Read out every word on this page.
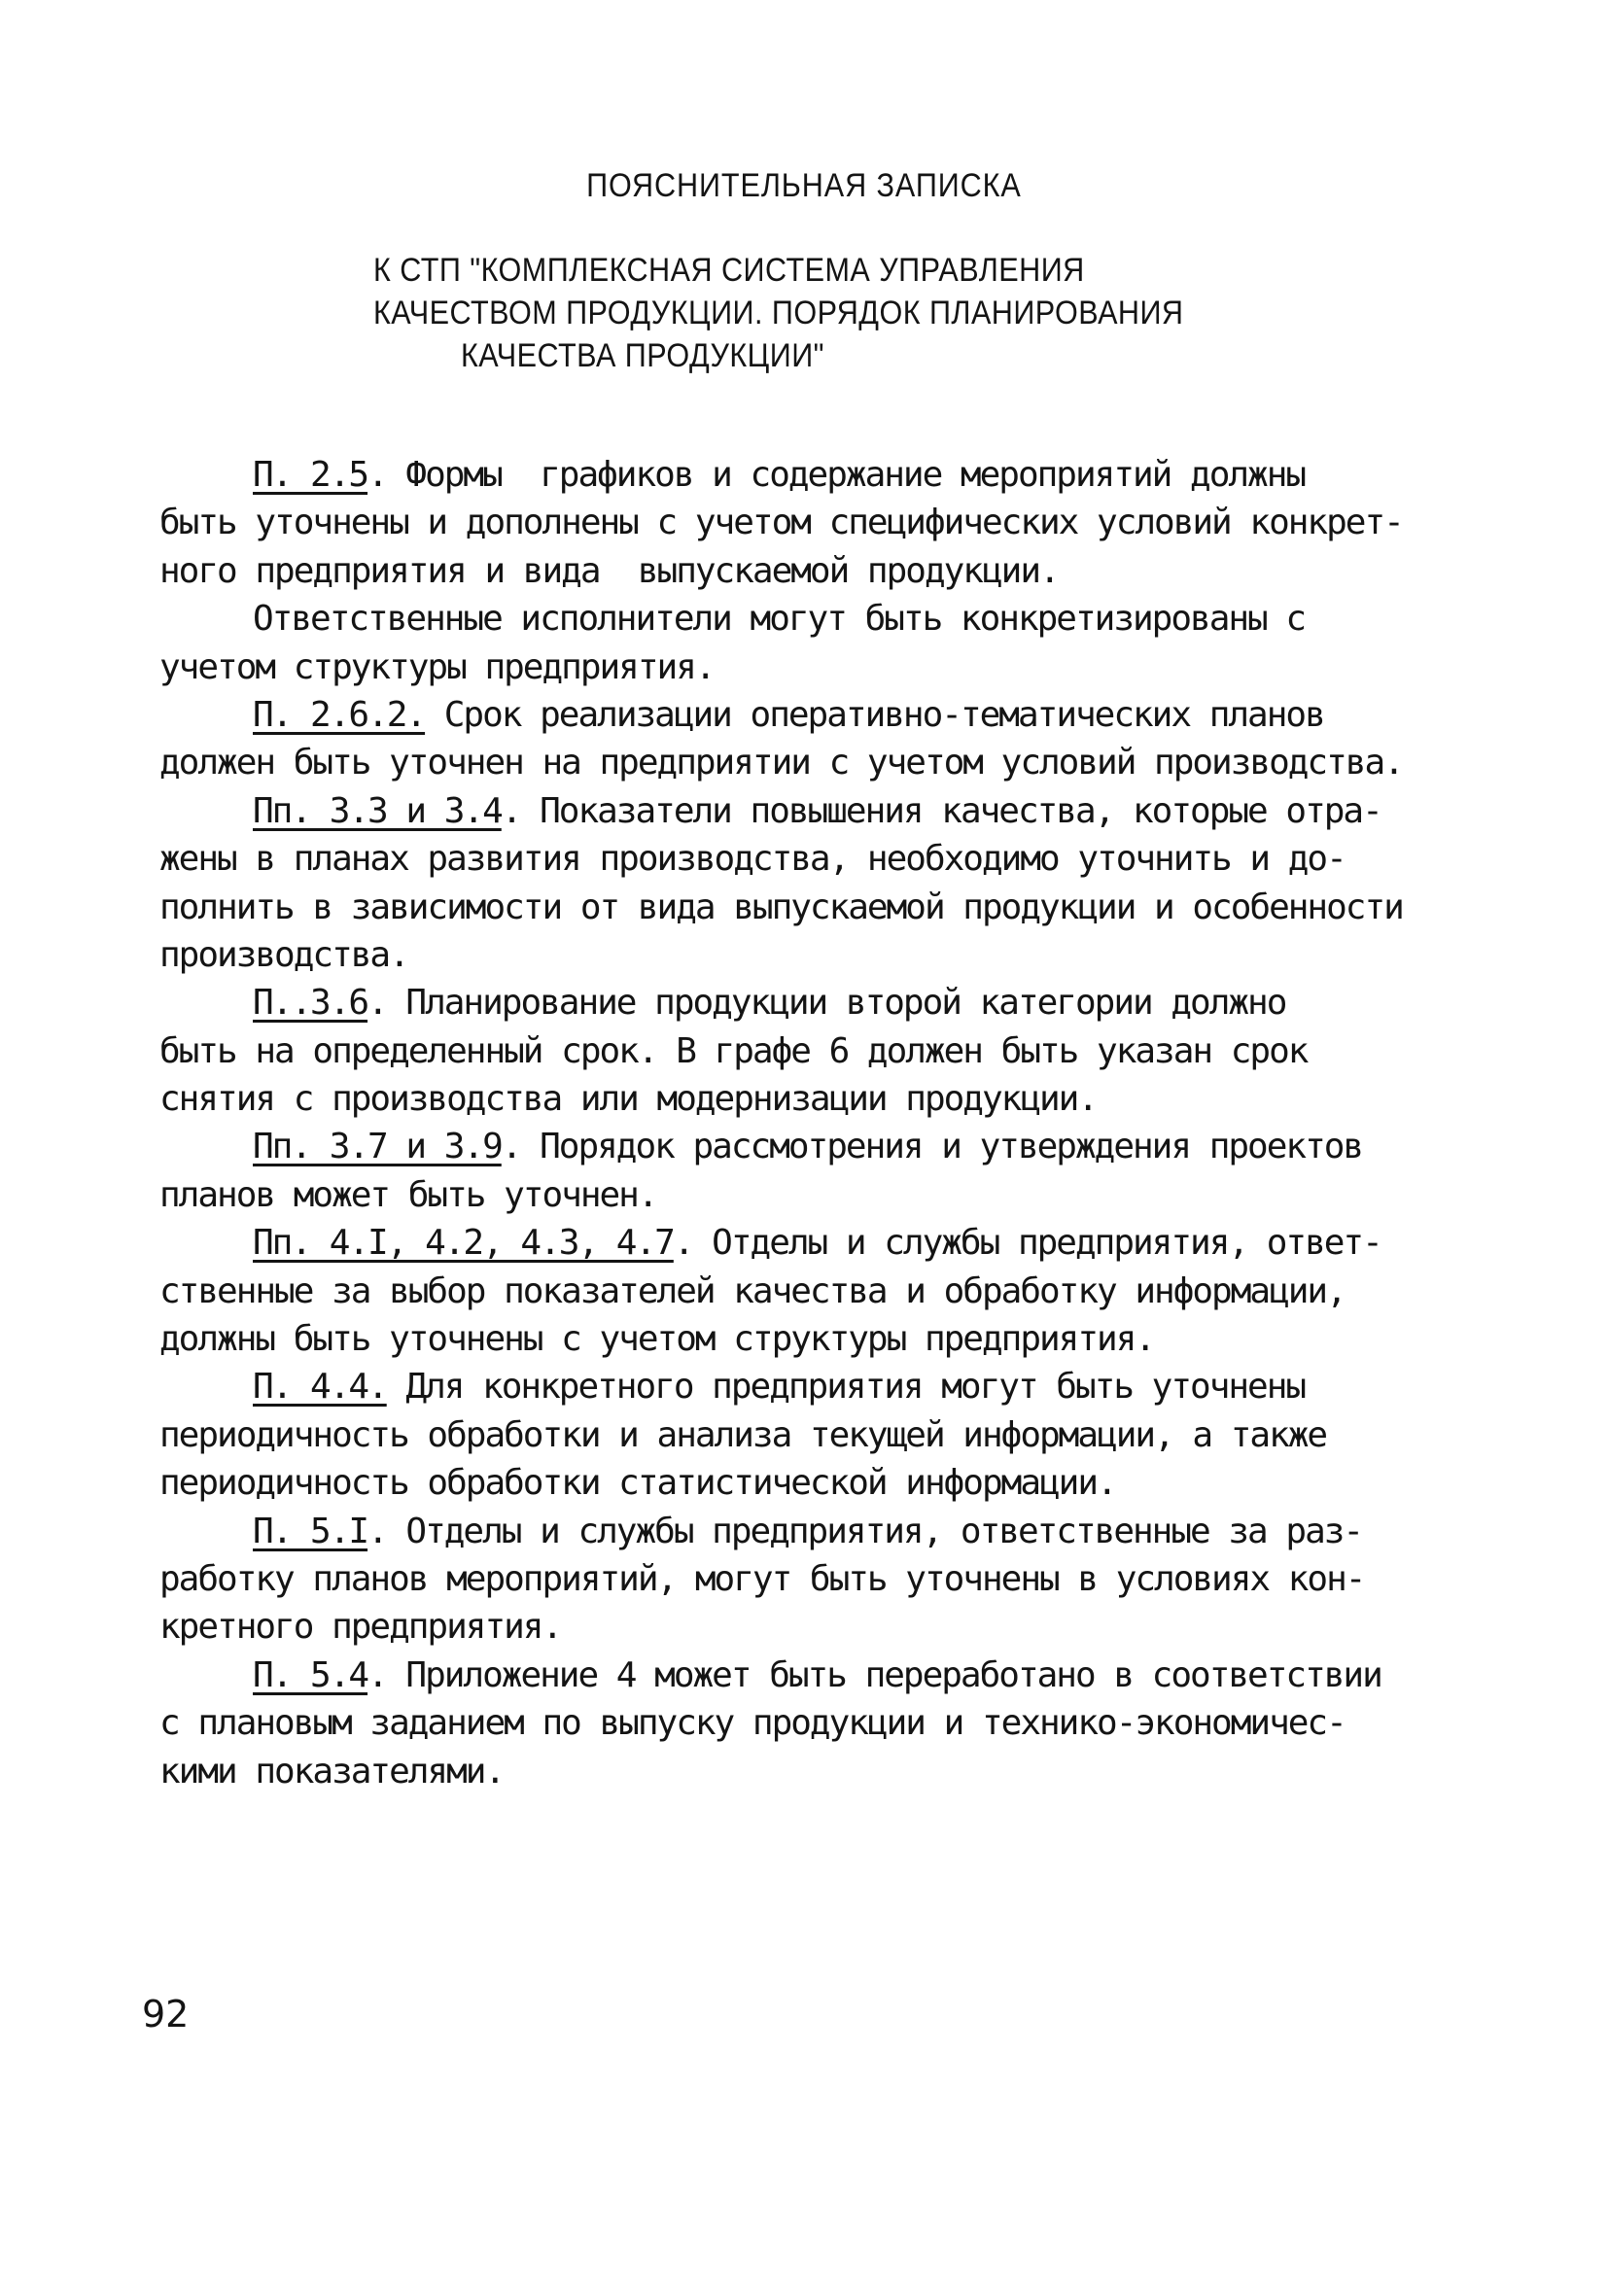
ПОЯСНИТЕЛЬНАЯ ЗАПИСКА
К СТП "КОМПЛЕКСНАЯ СИСТЕМА УПРАВЛЕНИЯ
КАЧЕСТВОМ ПРОДУКЦИИ. ПОРЯДОК ПЛАНИРОВАНИЯ
КАЧЕСТВА ПРОДУКЦИИ"
П. 2.5. Формы  графиков и содержание мероприятий должны
быть уточнены и дополнены с учетом специфических условий конкрет-
ного предприятия и вида  выпускаемой продукции.
Ответственные исполнители могут быть конкретизированы с
учетом структуры предприятия.
П. 2.6.2. Срок реализации оперативно-тематических планов
должен быть уточнен на предприятии с учетом условий производства.
Пп. 3.3 и 3.4. Показатели повышения качества, которые отра-
жены в планах развития производства, необходимо уточнить и до-
полнить в зависимости от вида выпускаемой продукции и особенности
производства.
П..3.6. Планирование продукции второй категории должно
быть на определенный срок. В графе 6 должен быть указан срок
снятия с производства или модернизации продукции.
Пп. 3.7 и 3.9. Порядок рассмотрения и утверждения проектов
планов может быть уточнен.
Пп. 4.I, 4.2, 4.3, 4.7. Отделы и службы предприятия, ответ-
ственные за выбор показателей качества и обработку информации,
должны быть уточнены с учетом структуры предприятия.
П. 4.4. Для конкретного предприятия могут быть уточнены
периодичность обработки и анализа текущей информации, а также
периодичность обработки статистической информации.
П. 5.I. Отделы и службы предприятия, ответственные за раз-
работку планов мероприятий, могут быть уточнены в условиях кон-
кретного предприятия.
П. 5.4. Приложение 4 может быть переработано в соответствии
с плановым заданием по выпуску продукции и технико-экономичес-
кими показателями.
92
